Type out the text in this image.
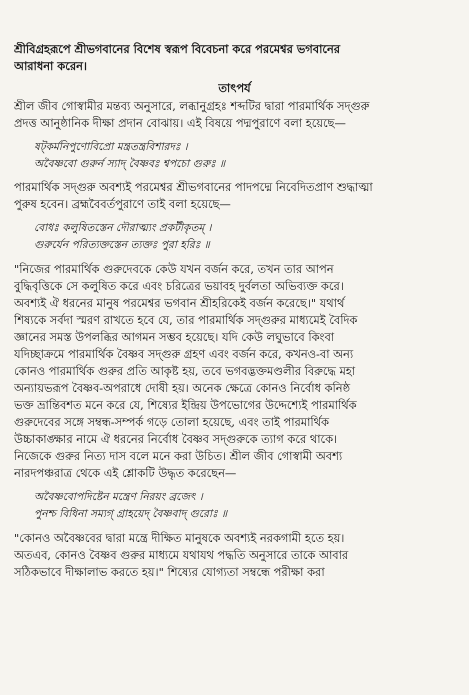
শ্রীবিগ্রহরূপে শ্রীভগবানের বিশেষ স্বরূপ বিবেচনা করে পরমেশ্বর ভগবানের
আরাধনা করেন।
তাৎপর্য
শ্রীল জীব গোস্বামীর মন্তব্য অনুসারে, লব্ধানুগ্রহঃ শব্দটির দ্বারা পারমার্থিক সদ্গুরু
প্রদত্ত আনুষ্ঠানিক দীক্ষা প্রদান বোঝায়। এই বিষয়ে পদ্মপুরাণে বলা হয়েছে—
ষট্কর্মনিপুণোবিপ্রো মন্ত্রতন্ত্রবিশারদঃ ।
অবৈষ্ণবো গুরুর্ন স্যাদ্ বৈষ্ণবঃ শ্বপচো গুরুঃ ॥
পারমার্থিক সদ্গুরু অবশ্যই পরমেশ্বর শ্রীভগবানের পাদপদ্মে নিবেদিতপ্রাণ শুদ্ধাত্মা
পুরুষ হবেন। ব্রহ্মবৈবর্তপুরাণে তাই বলা হয়েছে—
বোধঃ কলুষিতস্তেন দৌরাত্ম্যং প্রকটীকৃতম্ ।
গুরুর্যেন পরিত্যক্তস্তেন ত্যক্তঃ পুরা হরিঃ ॥
"নিজের পারমার্থিক গুরুদেবকে কেউ যখন বর্জন করে, তখন তার আপন
বুদ্ধিবৃত্তিকে সে কলুষিত করে এবং চরিত্রের ভয়াবহ দুর্বলতা অভিব্যক্ত করে।
অবশ্যই ঐ ধরনের মানুষ পরমেশ্বর ভগবান শ্রীহরিকেই বর্জন করেছে।" যথার্থ
শিষ্যকে সর্বদা স্মরণ রাখতে হবে যে, তার পারমার্থিক সদ্গুরুর মাধ্যমেই বৈদিক
জ্ঞানের সমস্ত উপলব্ধির আগমন সম্ভব হয়েছে। যদি কেউ লঘুভাবে কিংবা
যদিচ্ছাক্রমে পারমার্থিক বৈষ্ণব সদ্গুরু গ্রহণ এবং বর্জন করে, কখনও-বা অন্য
কোনও পারমার্থিক গুরুর প্রতি আকৃষ্ট হয়, তবে ভগবদ্ভক্তমণ্ডলীর বিরুদ্ধে মহা
অন্যায়ভরূপ বৈষ্ণব-অপরাধে দোষী হয়। অনেক ক্ষেত্রে কোনও নির্বোধ কনিষ্ঠ
ভক্ত ভ্রান্তিবশত মনে করে যে, শিষ্যের ইন্দ্রিয় উপভোগের উদ্দেশ্যেই পারমার্থিক
গুরুদেবের সঙ্গে সম্বন্ধ-সম্পর্ক গড়ে তোলা হয়েছে, এবং তাই পারমার্থিক
উচ্চাকাঙ্ক্ষার নামে ঐ ধরনের নির্বোধ বৈষ্ণব সদ্গুরুকে ত্যাগ করে থাকে।
নিজেকে গুরুর নিত্য দাস বলে মনে করা উচিত। শ্রীল জীব গোস্বামী অবশ্য
নারদপঞ্চরাত্র থেকে এই শ্লোকটি উদ্ধৃত করেছেন—
অবৈষ্ণবোপদিষ্টেন মন্ত্রেণ নিরয়ং ব্রজেৎ ।
পুনশ্চ বিধিনা সম্যগ্ গ্রাহয়েদ্ বৈষ্ণবাদ্ গুরোঃ ॥
"কোনও অবৈষ্ণবের দ্বারা মন্ত্রে দীক্ষিত মানুষকে অবশ্যই নরকগামী হতে হয়।
অতএব, কোনও বৈষ্ণব গুরুর মাধ্যমে যথাযথ পদ্ধতি অনুসারে তাকে আবার
সঠিকভাবে দীক্ষালাভ করতে হয়।" শিষ্যের যোগ্যতা সম্বন্ধে পরীক্ষা করা
